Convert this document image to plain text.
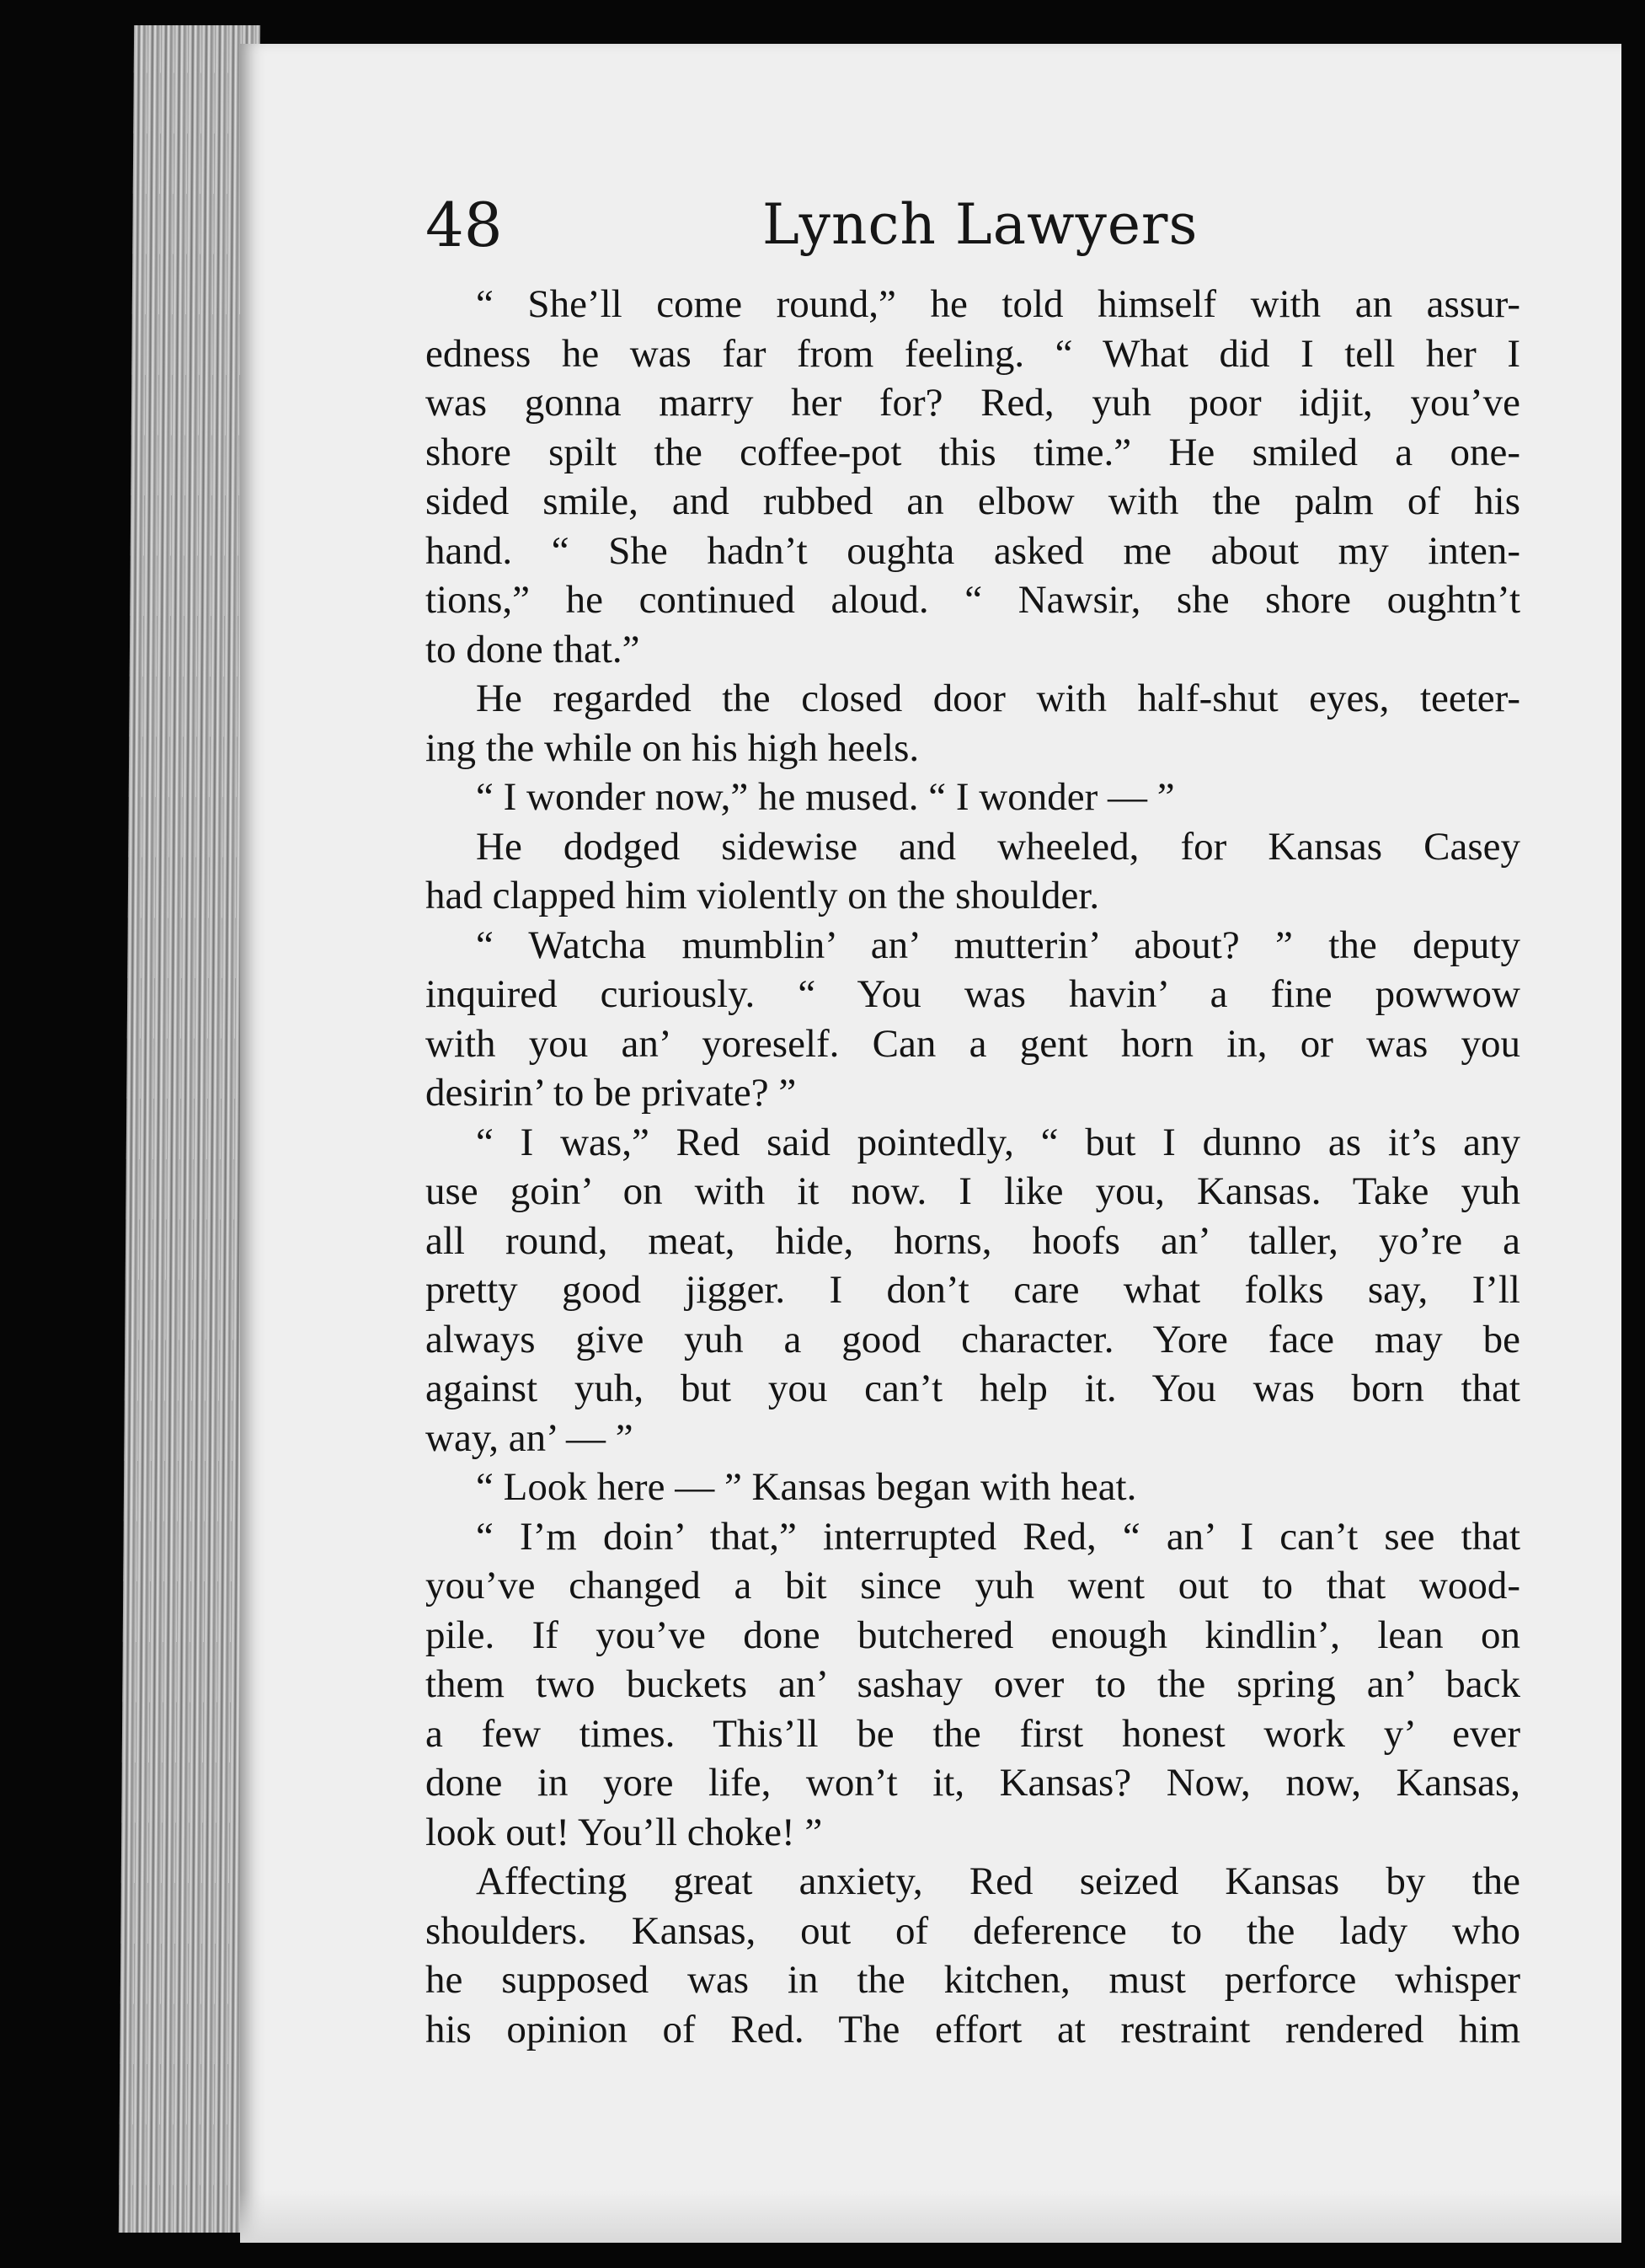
48	Lynch Lawyers
“ She’ll come round,” he told himself with an assur-
edness he was far from feeling. “ What did I tell her I
was gonna marry her for? Red, yuh poor idjit, you’ve
shore spilt the coffee-pot this time.” He smiled a one-
sided smile, and rubbed an elbow with the palm of his
hand. “ She hadn’t oughta asked me about my inten-
tions,” he continued aloud. “ Nawsir, she shore oughtn’t
to done that.”
He regarded the closed door with half-shut eyes, teeter-
ing the while on his high heels.
“ I wonder now,” he mused. “ I wonder — ”
He dodged sidewise and wheeled, for Kansas Casey
had clapped him violently on the shoulder.
“ Watcha mumblin’ an’ mutterin’ about? ” the deputy
inquired curiously. “ You was havin’ a fine powwow
with you an’ yoreself. Can a gent horn in, or was you
desirin’ to be private? ”
“ I was,” Red said pointedly, “ but I dunno as it’s any
use goin’ on with it now. I like you, Kansas. Take yuh
all round, meat, hide, horns, hoofs an’ taller, yo’re a
pretty good jigger. I don’t care what folks say, I’ll
always give yuh a good character. Yore face may be
against yuh, but you can’t help it. You was born that
way, an’ — ”
“ Look here — ” Kansas began with heat.
“ I’m doin’ that,” interrupted Red, “ an’ I can’t see that
you’ve changed a bit since yuh went out to that wood-
pile. If you’ve done butchered enough kindlin’, lean on
them two buckets an’ sashay over to the spring an’ back
a few times. This’ll be the first honest work y’ ever
done in yore life, won’t it, Kansas? Now, now, Kansas,
look out! You’ll choke! ”
Affecting great anxiety, Red seized Kansas by the
shoulders. Kansas, out of deference to the lady who
he supposed was in the kitchen, must perforce whisper
his opinion of Red. The effort at restraint rendered him
